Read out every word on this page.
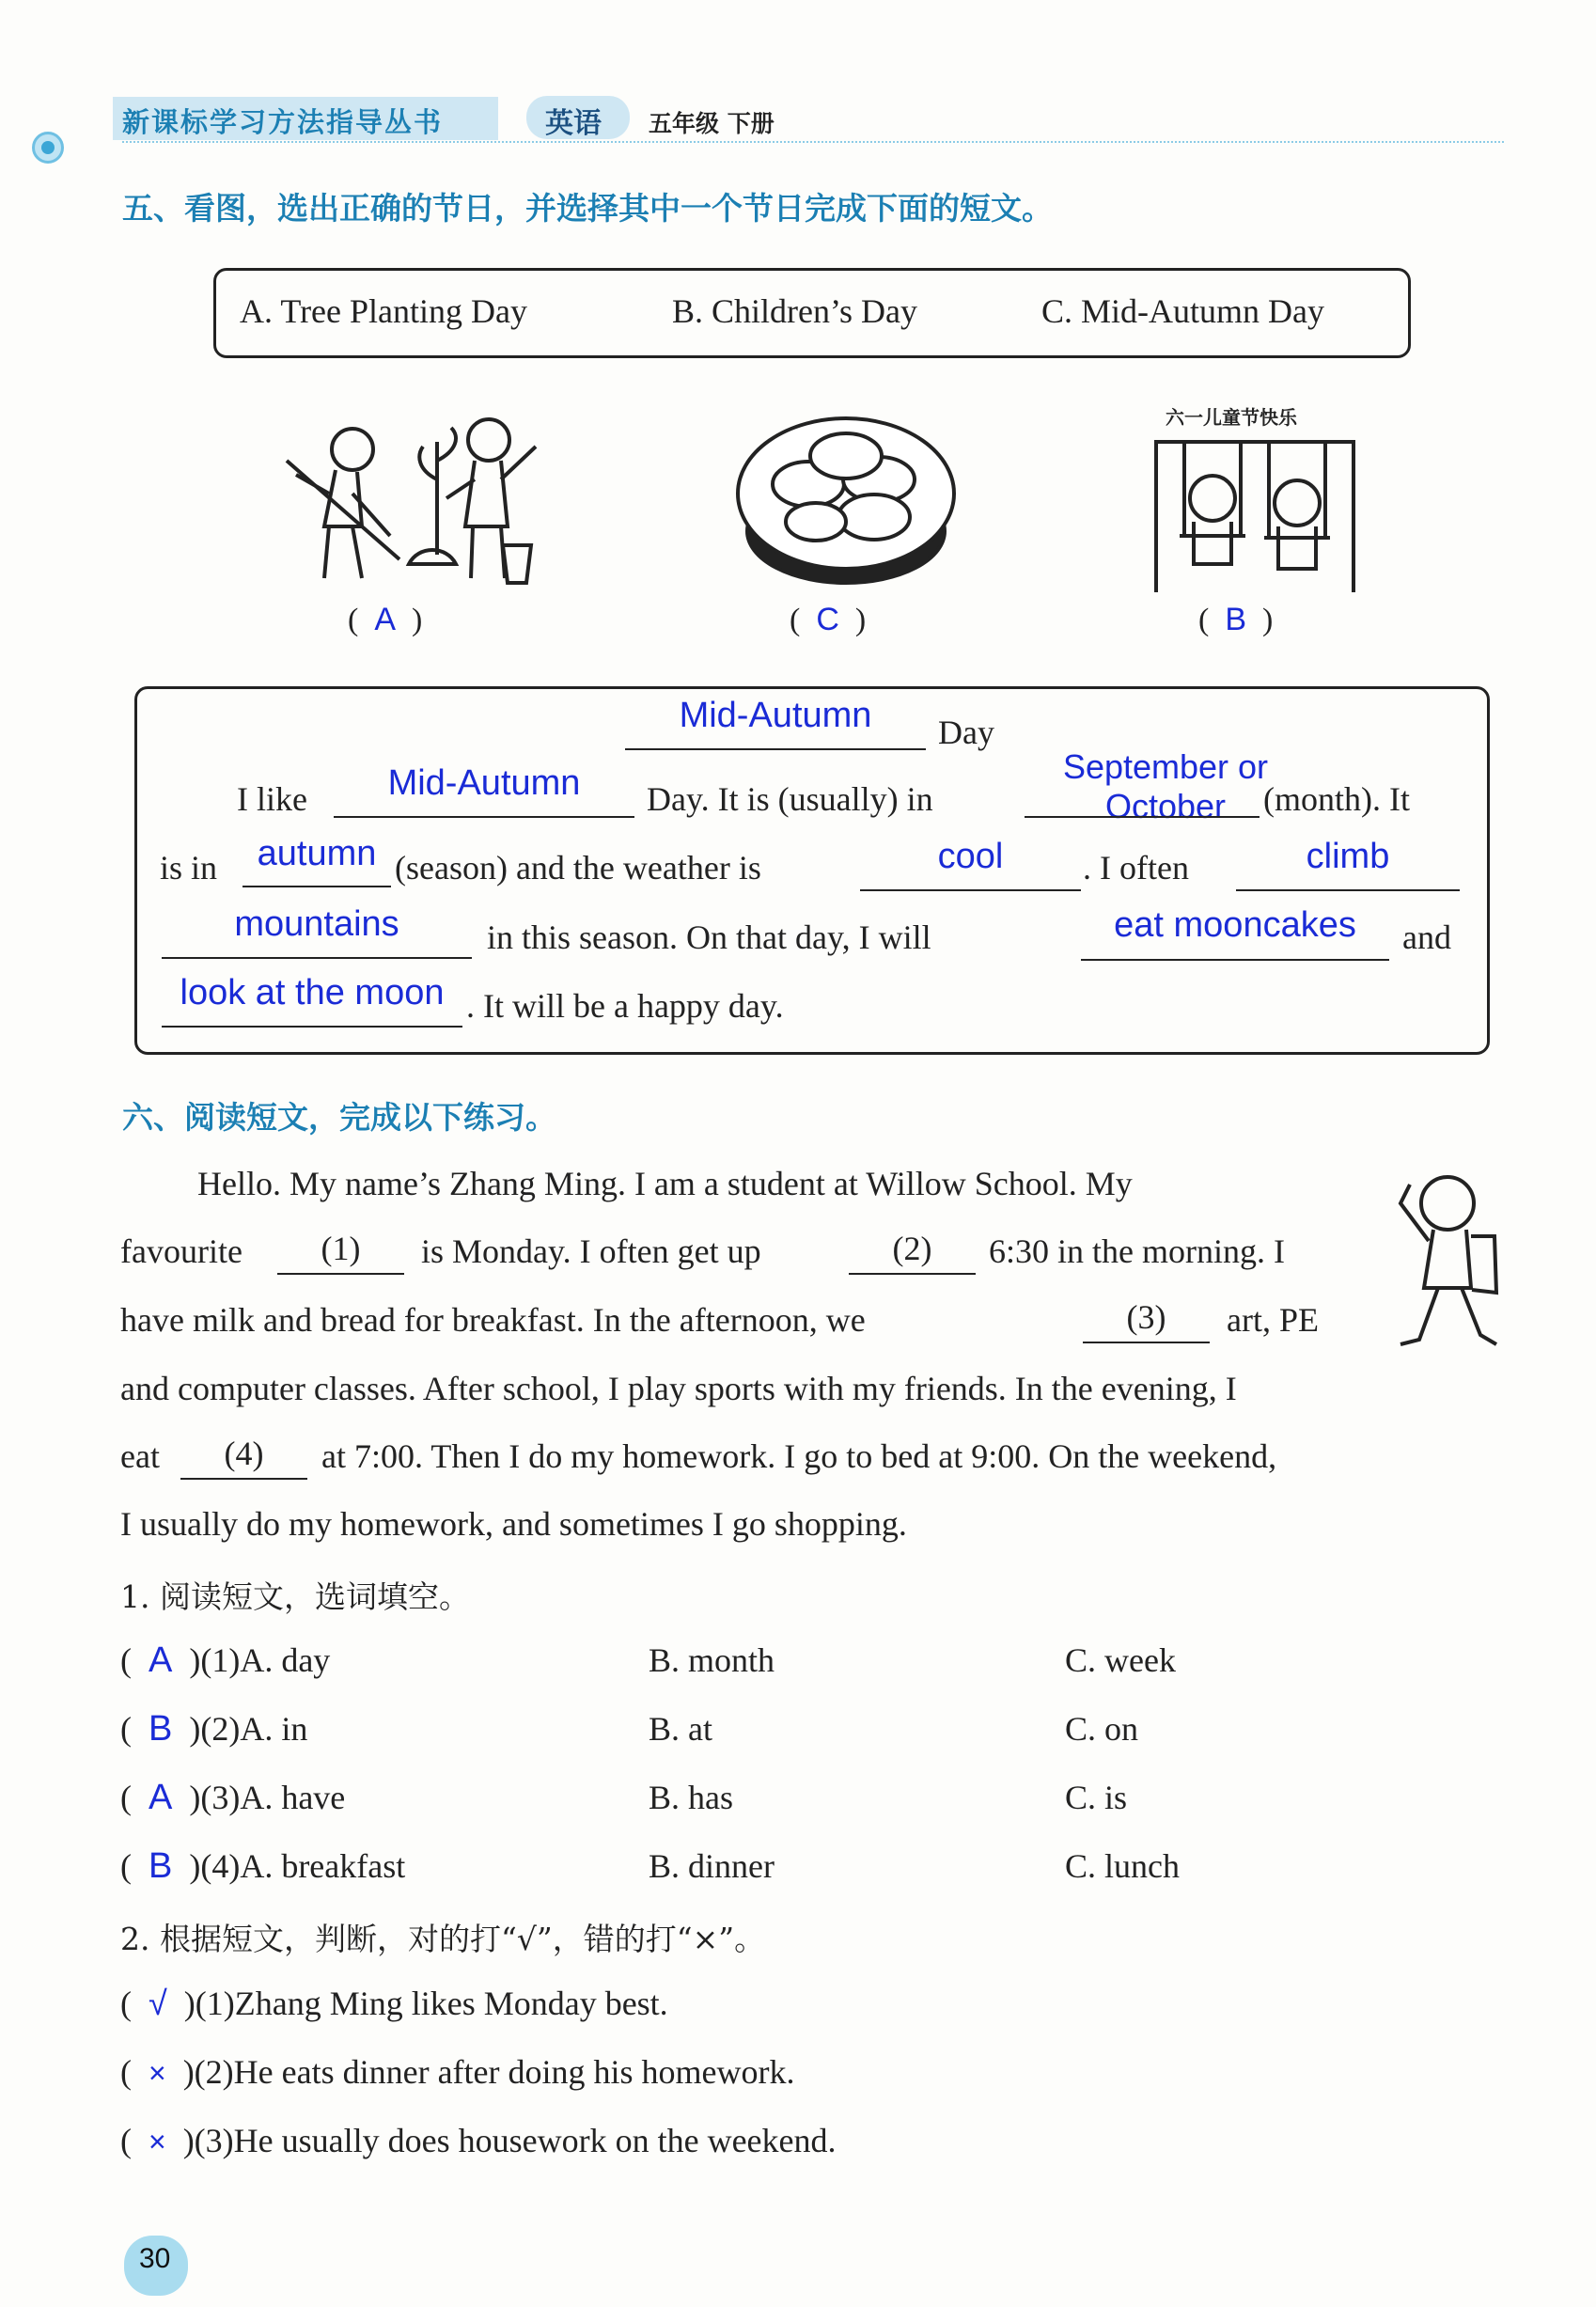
新课标学习方法指导丛书	英语 五年级 下册
五、看图，选出正确的节日，并选择其中一个节日完成下面的短文。
A. Tree Planting Day	B. Children’s Day	C. Mid-Autumn Day
(  A  )	(  C  )
六一儿童节快乐
(  B  )
Mid-Autumn	Day
I like	Mid-Autumn	Day. It is (usually) in
September or October	(month). It
is in	autumn (season) and the weather is	cool	. I often	climb
mountains	in this season. On that day, I will	eat mooncakes	and
look at the moon . It will be a happy day.
六、阅读短文，完成以下练习。
Hello. My name’s Zhang Ming. I am a student at Willow School. My
favourite	(1)	is Monday. I often get up	(2)	6:30 in the morning. I
have milk and bread for breakfast. In the afternoon, we	(3)	art, PE
and computer classes. After school, I play sports with my friends. In the evening, I
eat	(4)	at 7:00. Then I do my homework. I go to bed at 9:00. On the weekend,
I usually do my homework, and sometimes I go shopping.
1. 阅读短文，选词填空。
(  A )(1)A. day	B. month	C. week
(  B )(2)A. in	B. at	C. on
(  A )(3)A. have	B. has	C. is
(  B )(4)A. breakfast	B. dinner	C. lunch
2. 根据短文，判断，对的打“√”，错的打“×”。
(  √ )(1)Zhang Ming likes Monday best.
(  × )(2)He eats dinner after doing his homework.
(  × )(3)He usually does housework on the weekend.
30
